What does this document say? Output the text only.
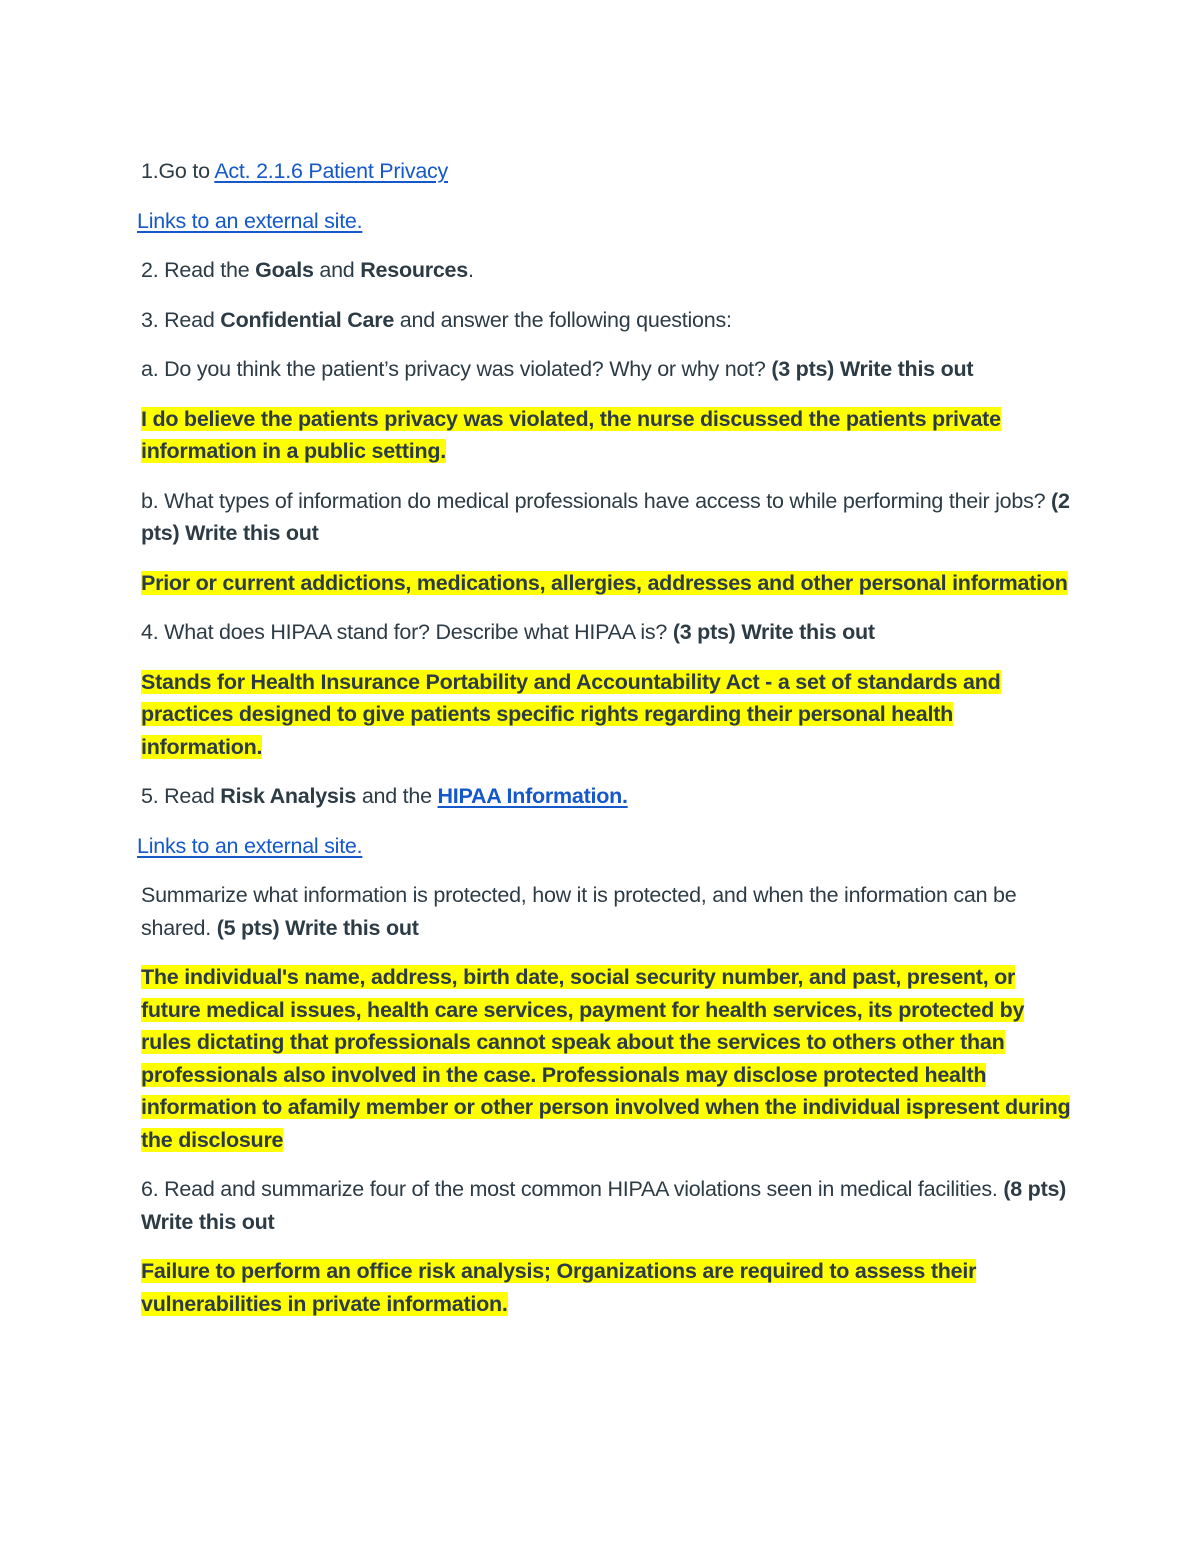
1.Go to Act. 2.1.6 Patient Privacy

Links to an external site.

2. Read the Goals and Resources.

3. Read Confidential Care and answer the following questions:

a. Do you think the patient’s privacy was violated? Why or why not? (3 pts) Write this out

I do believe the patients privacy was violated, the nurse discussed the patients private information in a public setting.

b. What types of information do medical professionals have access to while performing their jobs? (2 pts) Write this out

Prior or current addictions, medications, allergies, addresses and other personal information

4. What does HIPAA stand for? Describe what HIPAA is? (3 pts) Write this out

Stands for Health Insurance Portability and Accountability Act - a set of standards and practices designed to give patients specific rights regarding their personal health information.

5. Read Risk Analysis and the HIPAA Information.

Links to an external site.

Summarize what information is protected, how it is protected, and when the information can be shared. (5 pts) Write this out

The individual's name, address, birth date, social security number, and past, present, or future medical issues, health care services, payment for health services, its protected by rules dictating that professionals cannot speak about the services to others other than professionals also involved in the case. Professionals may disclose protected health information to afamily member or other person involved when the individual ispresent during the disclosure

6. Read and summarize four of the most common HIPAA violations seen in medical facilities. (8 pts) Write this out

Failure to perform an office risk analysis; Organizations are required to assess their vulnerabilities in private information.
